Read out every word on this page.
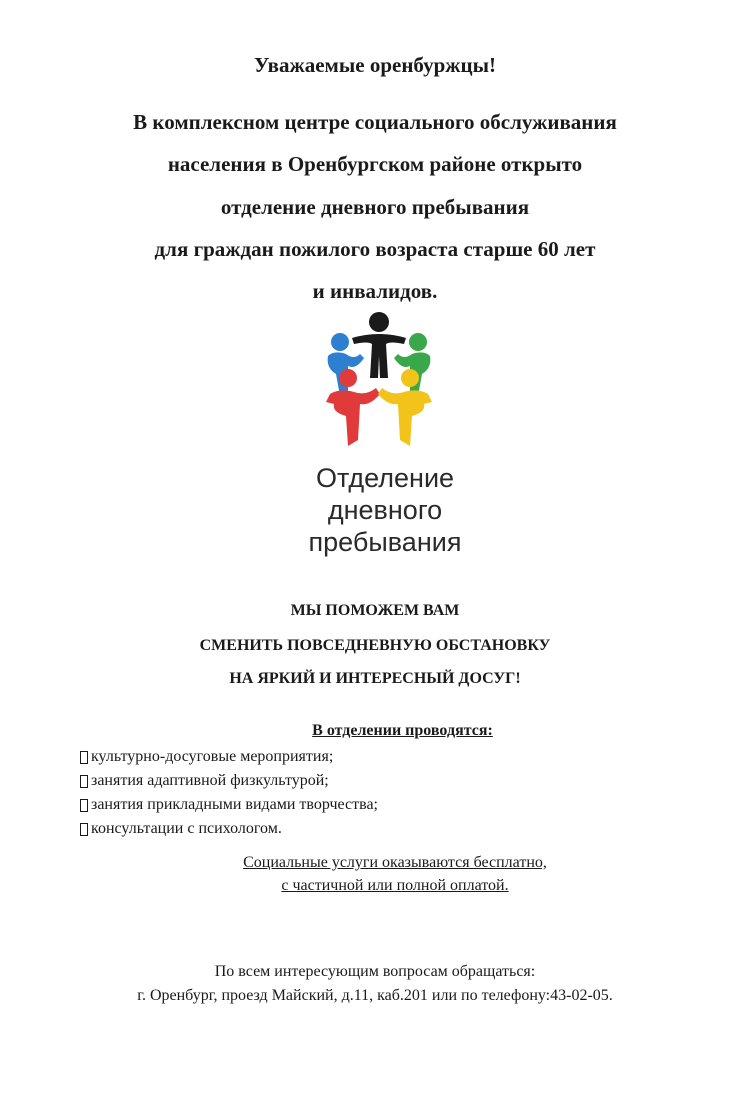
Уважаемые оренбуржцы!
В комплексном центре социального обслуживания
населения в Оренбургском районе открыто
отделение дневного пребывания
для граждан пожилого возраста старше 60 лет
и инвалидов.
Отделение
дневного
пребывания
МЫ ПОМОЖЕМ ВАМ
СМЕНИТЬ ПОВСЕДНЕВНУЮ ОБСТАНОВКУ
НА ЯРКИЙ И ИНТЕРЕСНЫЙ ДОСУГ!
В отделении проводятся:
культурно-досуговые мероприятия;
занятия адаптивной физкультурой;
занятия прикладными видами творчества;
консультации с психологом.
Социальные услуги оказываются бесплатно,
с частичной или полной оплатой.
По всем интересующим вопросам обращаться:
г. Оренбург, проезд Майский, д.11, каб.201 или по телефону:43-02-05.
